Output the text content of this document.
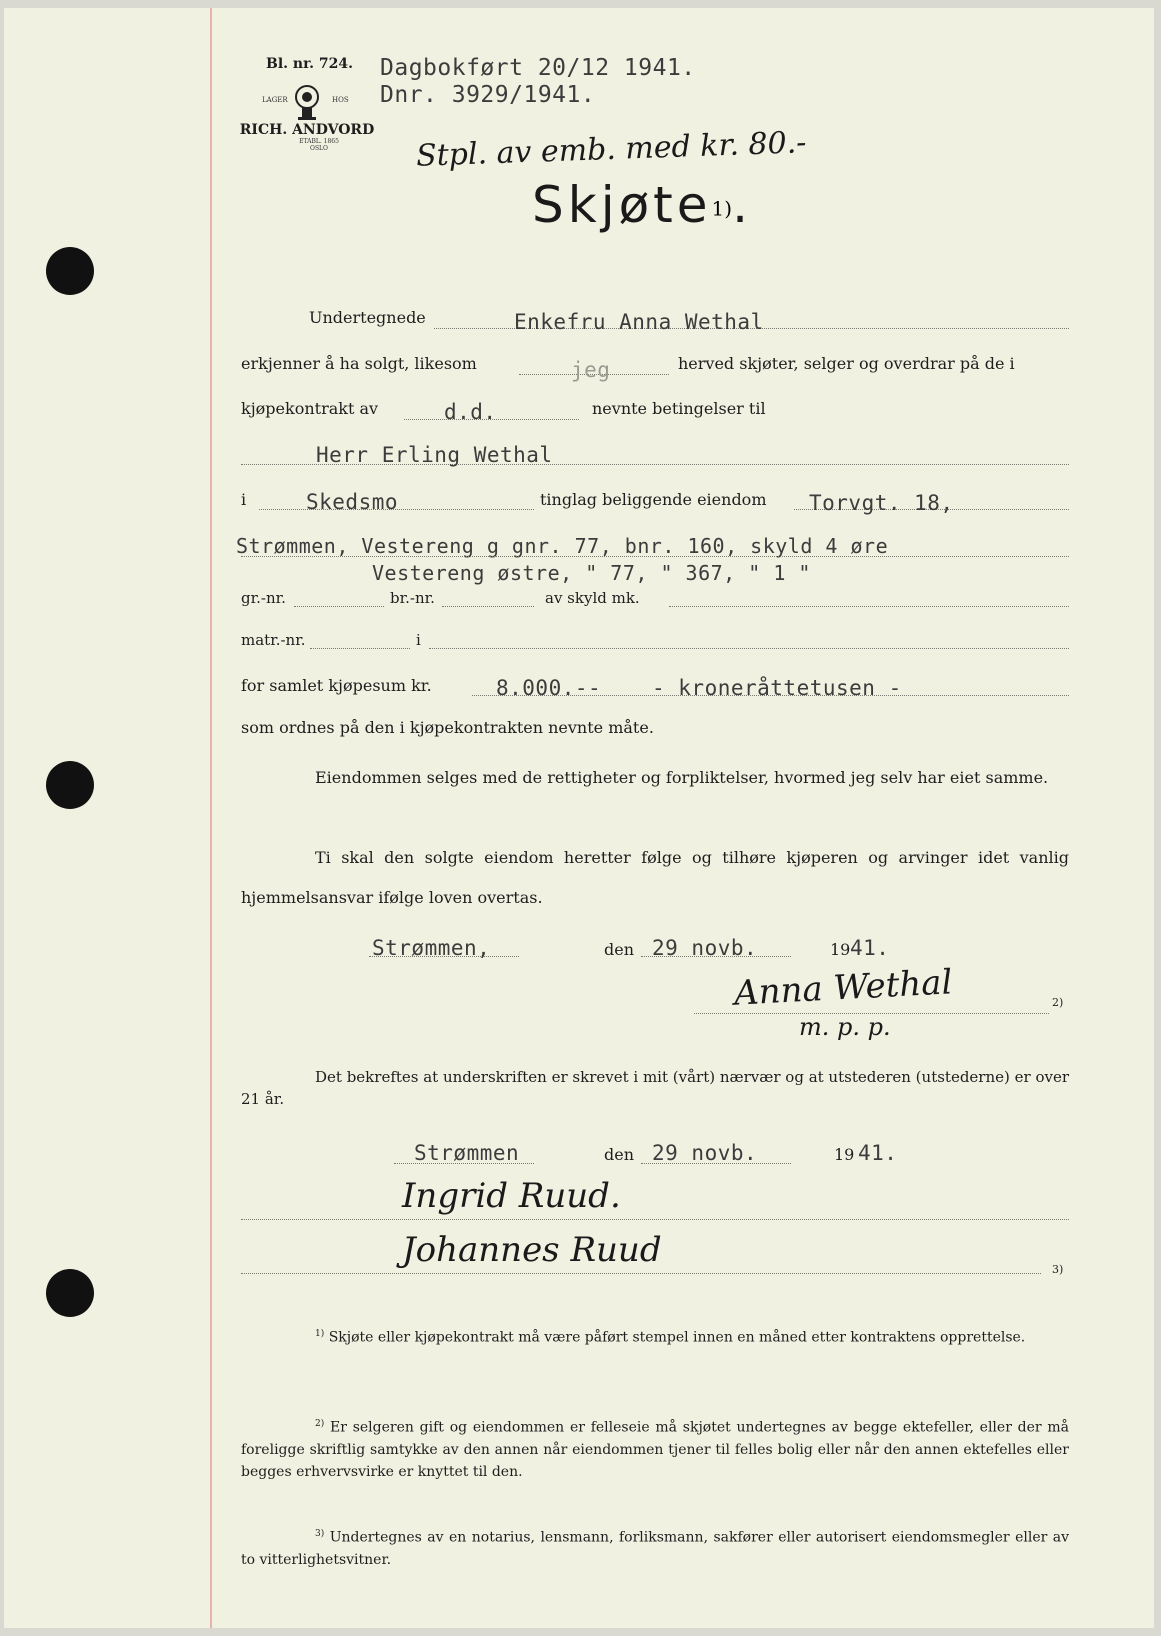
Bl. nr. 724. Dagbokført 20/12 1941.
Dnr. 3929/1941.
LAGER	HOS
RICH. ANDVORD
ETABL. 1865
OSLO	Stpl. av emb. med kr. 80.-
Skjøte$^{1)}$.
Undertegnede	Enkefru Anna Wethal
erkjenner å ha solgt, likesom	jeg	herved skjøter, selger og overdrar på de i
kjøpekontrakt av	d.d.	nevnte betingelser til
Herr Erling Wethal
i	Skedsmo	tinglag beliggende eiendom Torvgt. 18,
Strømmen, Vestereng g gnr. 77, bnr. 160, skyld 4 øre
Vestereng østre, " 77, " 367, " 1 "
gr.-nr.	br.-nr.	av skyld mk.
matr.-nr.	i
for samlet kjøpesum kr.	8.000.-- - kroneråttetusen -
som ordnes på den i kjøpekontrakten nevnte måte.
Eiendommen selges med de rettigheter og forpliktelser, hvormed jeg selv har eiet samme.
Ti skal den solgte eiendom heretter følge og tilhøre kjøperen og arvinger idet vanlig hjemmelsansvar ifølge loven overtas.
Strømmen,	den 29 novb.	19 41.
Anna Wethal
m. p. p.
2)
Det bekreftes at underskriften er skrevet i mit (vårt) nærvær og at utstederen (utstederne) er over 21 år.
Strømmen	den 29 novb.	19 41.
Ingrid Ruud.
Johannes Ruud	3)
$^{1)}$ Skjøte eller kjøpekontrakt må være påført stempel innen en måned etter kontraktens opprettelse.
$^{2)}$ Er selgeren gift og eiendommen er felleseie må skjøtet undertegnes av begge ektefeller, eller der må foreligge skriftlig samtykke av den annen når eiendommen tjener til felles bolig eller når den annen ektefelles eller begges erhvervsvirke er knyttet til den.
$^{3)}$ Undertegnes av en notarius, lensmann, forliksmann, sakfører eller autorisert eiendomsmegler eller av to vitterlighetsvitner.
